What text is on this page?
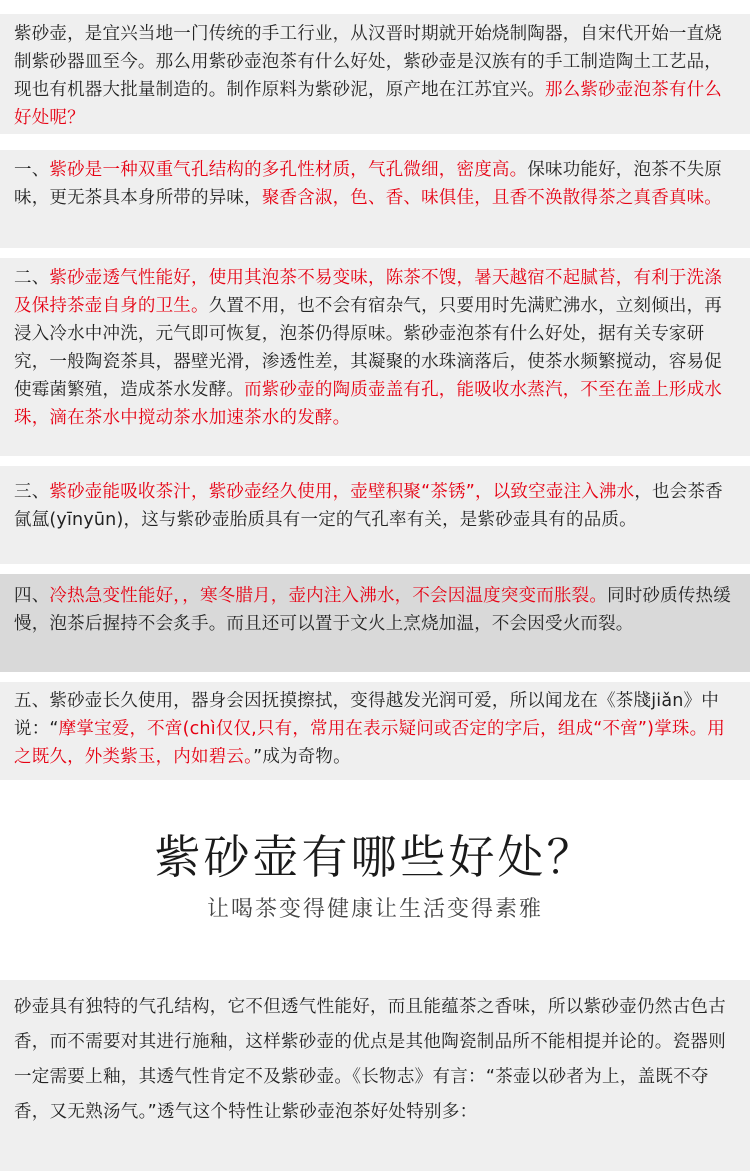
紫砂壶，是宜兴当地一门传统的手工行业，从汉晋时期就开始烧制陶器，自宋代开始一直烧制紫砂器皿至今。那么用紫砂壶泡茶有什么好处，紫砂壶是汉族有的手工制造陶土工艺品，现也有机器大批量制造的。制作原料为紫砂泥，原产地在江苏宜兴。那么紫砂壶泡茶有什么好处呢？

一、紫砂是一种双重气孔结构的多孔性材质，气孔微细，密度高。保味功能好，泡茶不失原味，更无茶具本身所带的异味，聚香含淑，色、香、味俱佳，且香不涣散得茶之真香真味。

二、紫砂壶透气性能好，使用其泡茶不易变味，陈茶不馊，暑天越宿不起腻苔，有利于洗涤及保持茶壶自身的卫生。久置不用，也不会有宿杂气，只要用时先满贮沸水，立刻倾出，再浸入冷水中冲洗，元气即可恢复，泡茶仍得原味。紫砂壶泡茶有什么好处，据有关专家研究，一般陶瓷茶具，器壁光滑，渗透性差，其凝聚的水珠滴落后，使茶水频繁搅动，容易促使霉菌繁殖，造成茶水发酵。而紫砂壶的陶质壶盖有孔，能吸收水蒸汽，不至在盖上形成水珠，滴在茶水中搅动茶水加速茶水的发酵。

三、紫砂壶能吸收茶汁，紫砂壶经久使用，壶壁积聚“茶锈”，以致空壶注入沸水，也会茶香氤氲(yīnyūn)，这与紫砂壶胎质具有一定的气孔率有关，是紫砂壶具有的品质。

四、冷热急变性能好，，寒冬腊月，壶内注入沸水，不会因温度突变而胀裂。同时砂质传热缓慢，泡茶后握持不会炙手。而且还可以置于文火上烹烧加温，不会因受火而裂。

五、紫砂壶长久使用，器身会因抚摸擦拭，变得越发光润可爱，所以闻龙在《茶牋jiǎn》中说：“摩掌宝爱，不啻(chì仅仅,只有，常用在表示疑问或否定的字后，组成“不啻”)掌珠。用之既久，外类紫玉，内如碧云。”成为奇物。

紫砂壶有哪些好处？
让喝茶变得健康让生活变得素雅

砂壶具有独特的气孔结构，它不但透气性能好，而且能蕴茶之香味，所以紫砂壶仍然古色古香，而不需要对其进行施釉，这样紫砂壶的优点是其他陶瓷制品所不能相提并论的。瓷器则一定需要上釉，其透气性肯定不及紫砂壶。《长物志》有言：“茶壶以砂者为上，盖既不夺香，又无熟汤气。”透气这个特性让紫砂壶泡茶好处特别多：
